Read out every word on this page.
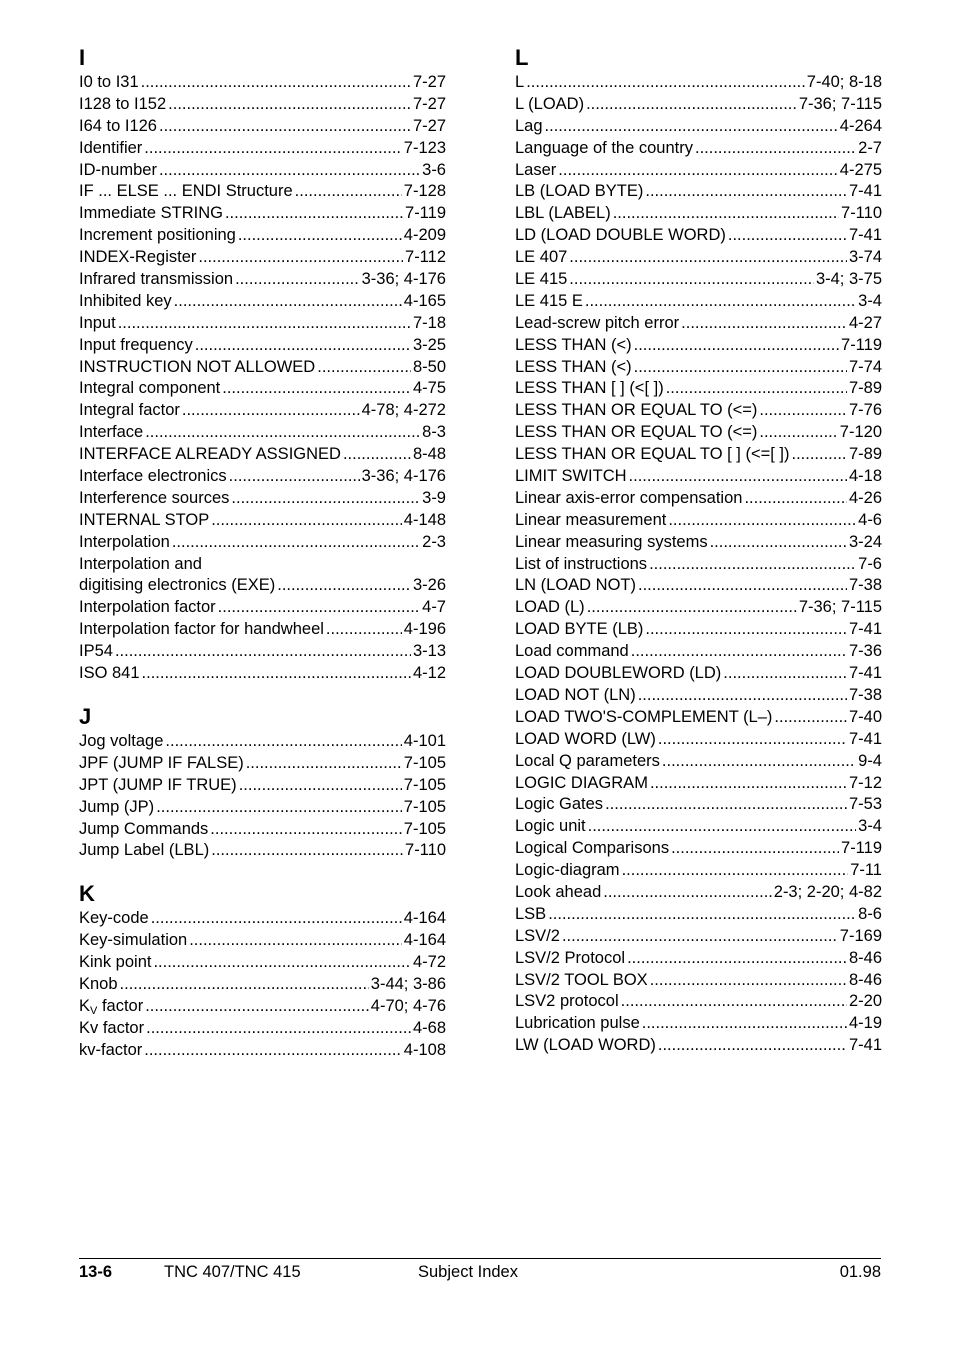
I
I0 to I31 .....	7-27
I128 to I152 .....	7-27
I64 to I126 .....	7-27
Identifier .....	7-123
ID-number .....	3-6
IF ... ELSE ... ENDI Structure .....	7-128
Immediate STRING .....	7-119
Increment positioning .....	4-209
INDEX-Register .....	7-112
Infrared transmission .....	3-36; 4-176
Inhibited key .....	4-165
Input .....	7-18
Input frequency .....	3-25
INSTRUCTION NOT ALLOWED .....	8-50
Integral component .....	4-75
Integral factor .....	4-78; 4-272
Interface .....	8-3
INTERFACE ALREADY ASSIGNED .....	8-48
Interface electronics .....	3-36; 4-176
Interference sources .....	3-9
INTERNAL STOP .....	4-148
Interpolation .....	2-3
Interpolation and
digitising electronics (EXE) .....	3-26
Interpolation factor .....	4-7
Interpolation factor for handwheel .....	4-196
IP54 .....	3-13
ISO 841 .....	4-12
J
Jog voltage .....	4-101
JPF (JUMP IF FALSE) .....	7-105
JPT (JUMP IF TRUE) .....	7-105
Jump (JP) .....	7-105
Jump Commands .....	7-105
Jump Label (LBL) .....	7-110
K
Key-code .....	4-164
Key-simulation .....	4-164
Kink point .....	4-72
Knob .....	3-44; 3-86
$K_V$ factor .....	4-70; 4-76
Kv factor .....	4-68
kv-factor .....	4-108
L
L .....	7-40; 8-18
L (LOAD) .....	7-36; 7-115
Lag .....	4-264
Language of the country .....	2-7
Laser .....	4-275
LB (LOAD BYTE) .....	7-41
LBL (LABEL) .....	7-110
LD (LOAD DOUBLE WORD) .....	7-41
LE 407 .....	3-74
LE 415 .....	3-4; 3-75
LE 415 E .....	3-4
Lead-screw pitch error .....	4-27
LESS THAN (<) .....	7-119
LESS THAN (<) .....	7-74
LESS THAN [ ] (<[ ]) .....	7-89
LESS THAN OR EQUAL TO (<=) .....	7-76
LESS THAN OR EQUAL TO (<=) .....	7-120
LESS THAN OR EQUAL TO [ ] (<=[ ]) .....	7-89
LIMIT SWITCH .....	4-18
Linear axis-error compensation .....	4-26
Linear measurement .....	4-6
Linear measuring systems .....	3-24
List of instructions .....	7-6
LN (LOAD NOT) .....	7-38
LOAD (L) .....	7-36; 7-115
LOAD BYTE (LB) .....	7-41
Load command .....	7-36
LOAD DOUBLEWORD (LD) .....	7-41
LOAD NOT (LN) .....	7-38
LOAD TWO'S-COMPLEMENT (L–) .....	7-40
LOAD WORD (LW) .....	7-41
Local Q parameters .....	9-4
LOGIC DIAGRAM .....	7-12
Logic Gates .....	7-53
Logic unit .....	3-4
Logical Comparisons .....	7-119
Logic-diagram .....	7-11
Look ahead .....	2-3; 2-20; 4-82
LSB .....	8-6
LSV/2 .....	7-169
LSV/2 Protocol .....	8-46
LSV/2 TOOL BOX .....	8-46
LSV2 protocol .....	2-20
Lubrication pulse .....	4-19
LW (LOAD WORD) .....	7-41
13-6	TNC 407/TNC 415	Subject Index	01.98
